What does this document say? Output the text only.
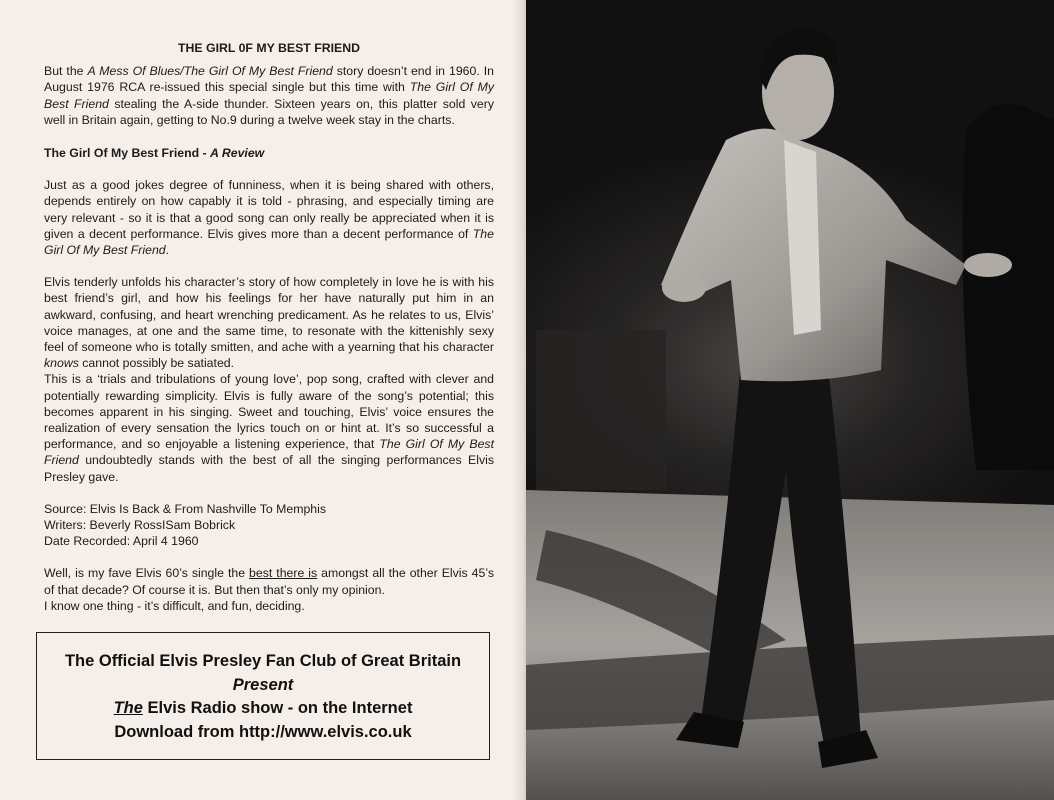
THE GIRL 0F MY BEST FRIEND

But the A Mess Of Blues/The Girl Of My Best Friend story doesn’t end in 1960. In August 1976 RCA re-issued this special single but this time with The Girl Of My Best Friend stealing the A-side thunder. Sixteen years on, this platter sold very well in Britain again, getting to No.9 during a twelve week stay in the charts.

The Girl Of My Best Friend - A Review

Just as a good jokes degree of funniness, when it is being shared with others, depends entirely on how capably it is told - phrasing, and especially timing are very relevant - so it is that a good song can only really be appreciated when it is given a decent performance. Elvis gives more than a decent performance of The Girl Of My Best Friend.

Elvis tenderly unfolds his character’s story of how completely in love he is with his best friend’s girl, and how his feelings for her have naturally put him in an awkward, confusing, and heart wrenching predicament. As he relates to us, Elvis’ voice manages, at one and the same time, to resonate with the kittenishly sexy feel of someone who is totally smitten, and ache with a yearning that his character knows cannot possibly be satiated.

This is a ‘trials and tribulations of young love’, pop song, crafted with clever and potentially rewarding simplicity. Elvis is fully aware of the song’s potential; this becomes apparent in his singing. Sweet and touching, Elvis’ voice ensures the realization of every sensation the lyrics touch on or hint at. It’s so successful a performance, and so enjoyable a listening experience, that The Girl Of My Best Friend undoubtedly stands with the best of all the singing performances Elvis Presley gave.

Source: Elvis Is Back & From Nashville To Memphis
Writers: Beverly RossISam Bobrick
Date Recorded: April 4 1960

Well, is my fave Elvis 60’s single the best there is amongst all the other Elvis 45’s of that decade? Of course it is. But then that’s only my opinion.

I know one thing - it’s difficult, and fun, deciding.

The Official Elvis Presley Fan Club of Great Britain
Present
The Elvis Radio show - on the Internet
Download from http://www.elvis.co.uk
